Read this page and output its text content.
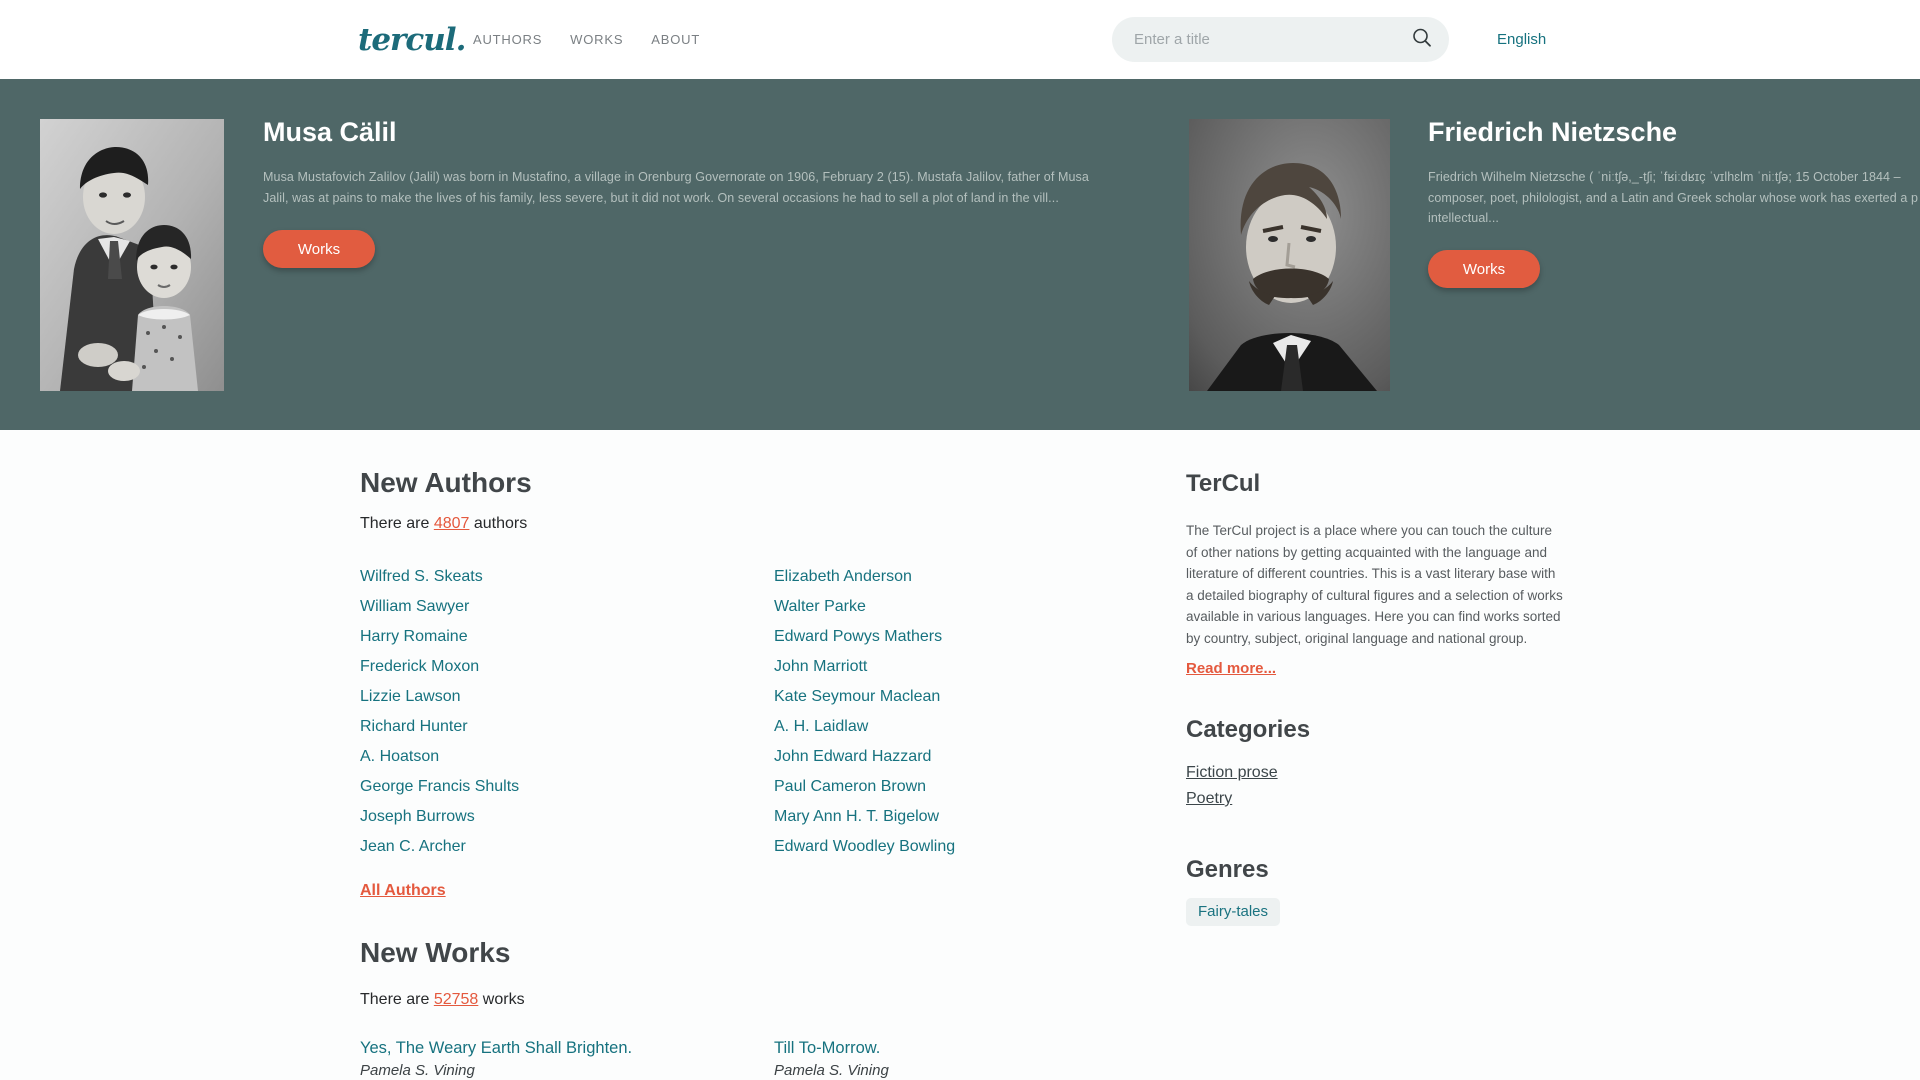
tercul. AUTHORS WORKS ABOUT
Enter a title	English
Musa Cälil
Musa Mustafovich Zalilov (Jalil) was born in Mustafino, a village in Orenburg Governorate on 1906, February 2 (15). Mustafa Jalilov, father of Musa
Jalil, was at pains to make the lives of his family, less severe, but it did not work. On several occasions he had to sell a plot of land in the vill...
Works
Friedrich Nietzsche
Friedrich Wilhelm Nietzsche ( ˈniːtʃə,_-tʃi; ˈfʁiːdʁɪç ˈvɪlhɛlm ˈniːtʃə; 15 October 1844 –
composer, poet, philologist, and a Latin and Greek scholar whose work has exerted a p
intellectual...
Works
New Authors

There are 4807 authors

Wilfred S. Skeats
William Sawyer
Harry Romaine
Frederick Moxon
Lizzie Lawson
Richard Hunter
A. Hoatson
George Francis Shults
Joseph Burrows
Jean C. Archer
Elizabeth Anderson
Walter Parke
Edward Powys Mathers
John Marriott
Kate Seymour Maclean
A. H. Laidlaw
John Edward Hazzard
Paul Cameron Brown
Mary Ann H. T. Bigelow
Edward Woodley Bowling
All Authors
New Works

There are 52758 works

Yes, The Weary Earth Shall Brighten.
Pamela S. Vining
Till To-Morrow.
Pamela S. Vining
TerCul

The TerCul project is a place where you can touch the culture of other nations by getting acquainted with the language and literature of different countries. This is a vast literary base with a detailed biography of cultural figures and a selection of works available in various languages. Here you can find works sorted by country, subject, original language and national group.

Read more...
Categories
Fiction prose
Poetry
Genres
Fairy-tales
